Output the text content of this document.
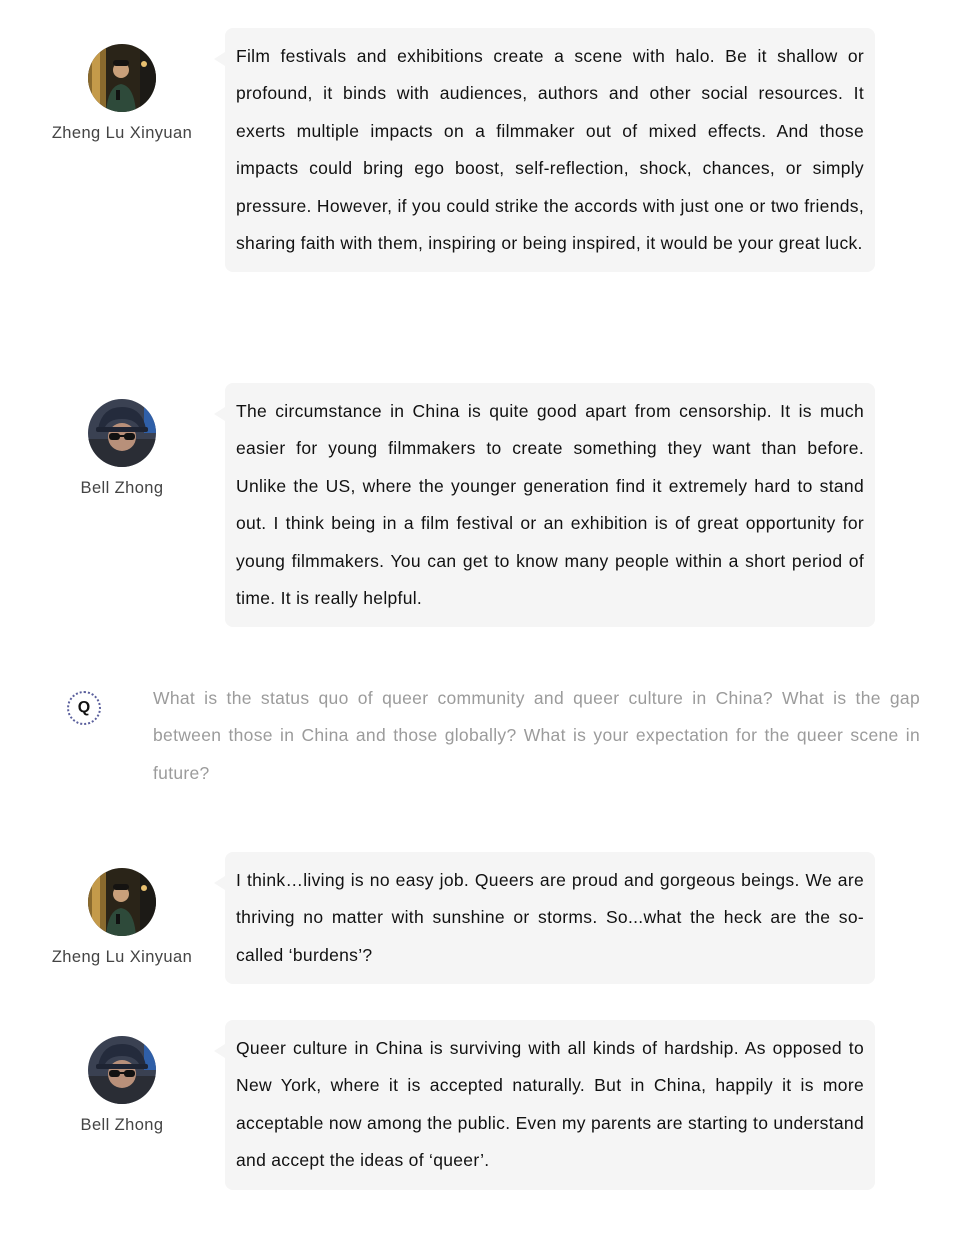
Zheng Lu Xinyuan
Film festivals and exhibitions create a scene with halo. Be it shallow or profound, it binds with audiences, authors and other social resources. It exerts multiple impacts on a filmmaker out of mixed effects. And those impacts could bring ego boost, self-reflection, shock, chances, or simply pressure. However, if you could strike the accords with just one or two friends, sharing faith with them, inspiring or being inspired, it would be your great luck.
Bell Zhong
The circumstance in China is quite good apart from censorship. It is much easier for young filmmakers to create something they want than before. Unlike the US, where the younger generation find it extremely hard to stand out. I think being in a film festival or an exhibition is of great opportunity for young filmmakers. You can get to know many people within a short period of time. It is really helpful.
Q	What is the status quo of queer community and queer culture in China? What is the gap between those in China and those globally? What is your expectation for the queer scene in future?
Zheng Lu Xinyuan
I think…living is no easy job. Queers are proud and gorgeous beings. We are thriving no matter with sunshine or storms. So...what the heck are the so-called ‘burdens’?
Bell Zhong
Queer culture in China is surviving with all kinds of hardship. As opposed to New York, where it is accepted naturally. But in China, happily it is more acceptable now among the public. Even my parents are starting to understand and accept the ideas of ‘queer’.
